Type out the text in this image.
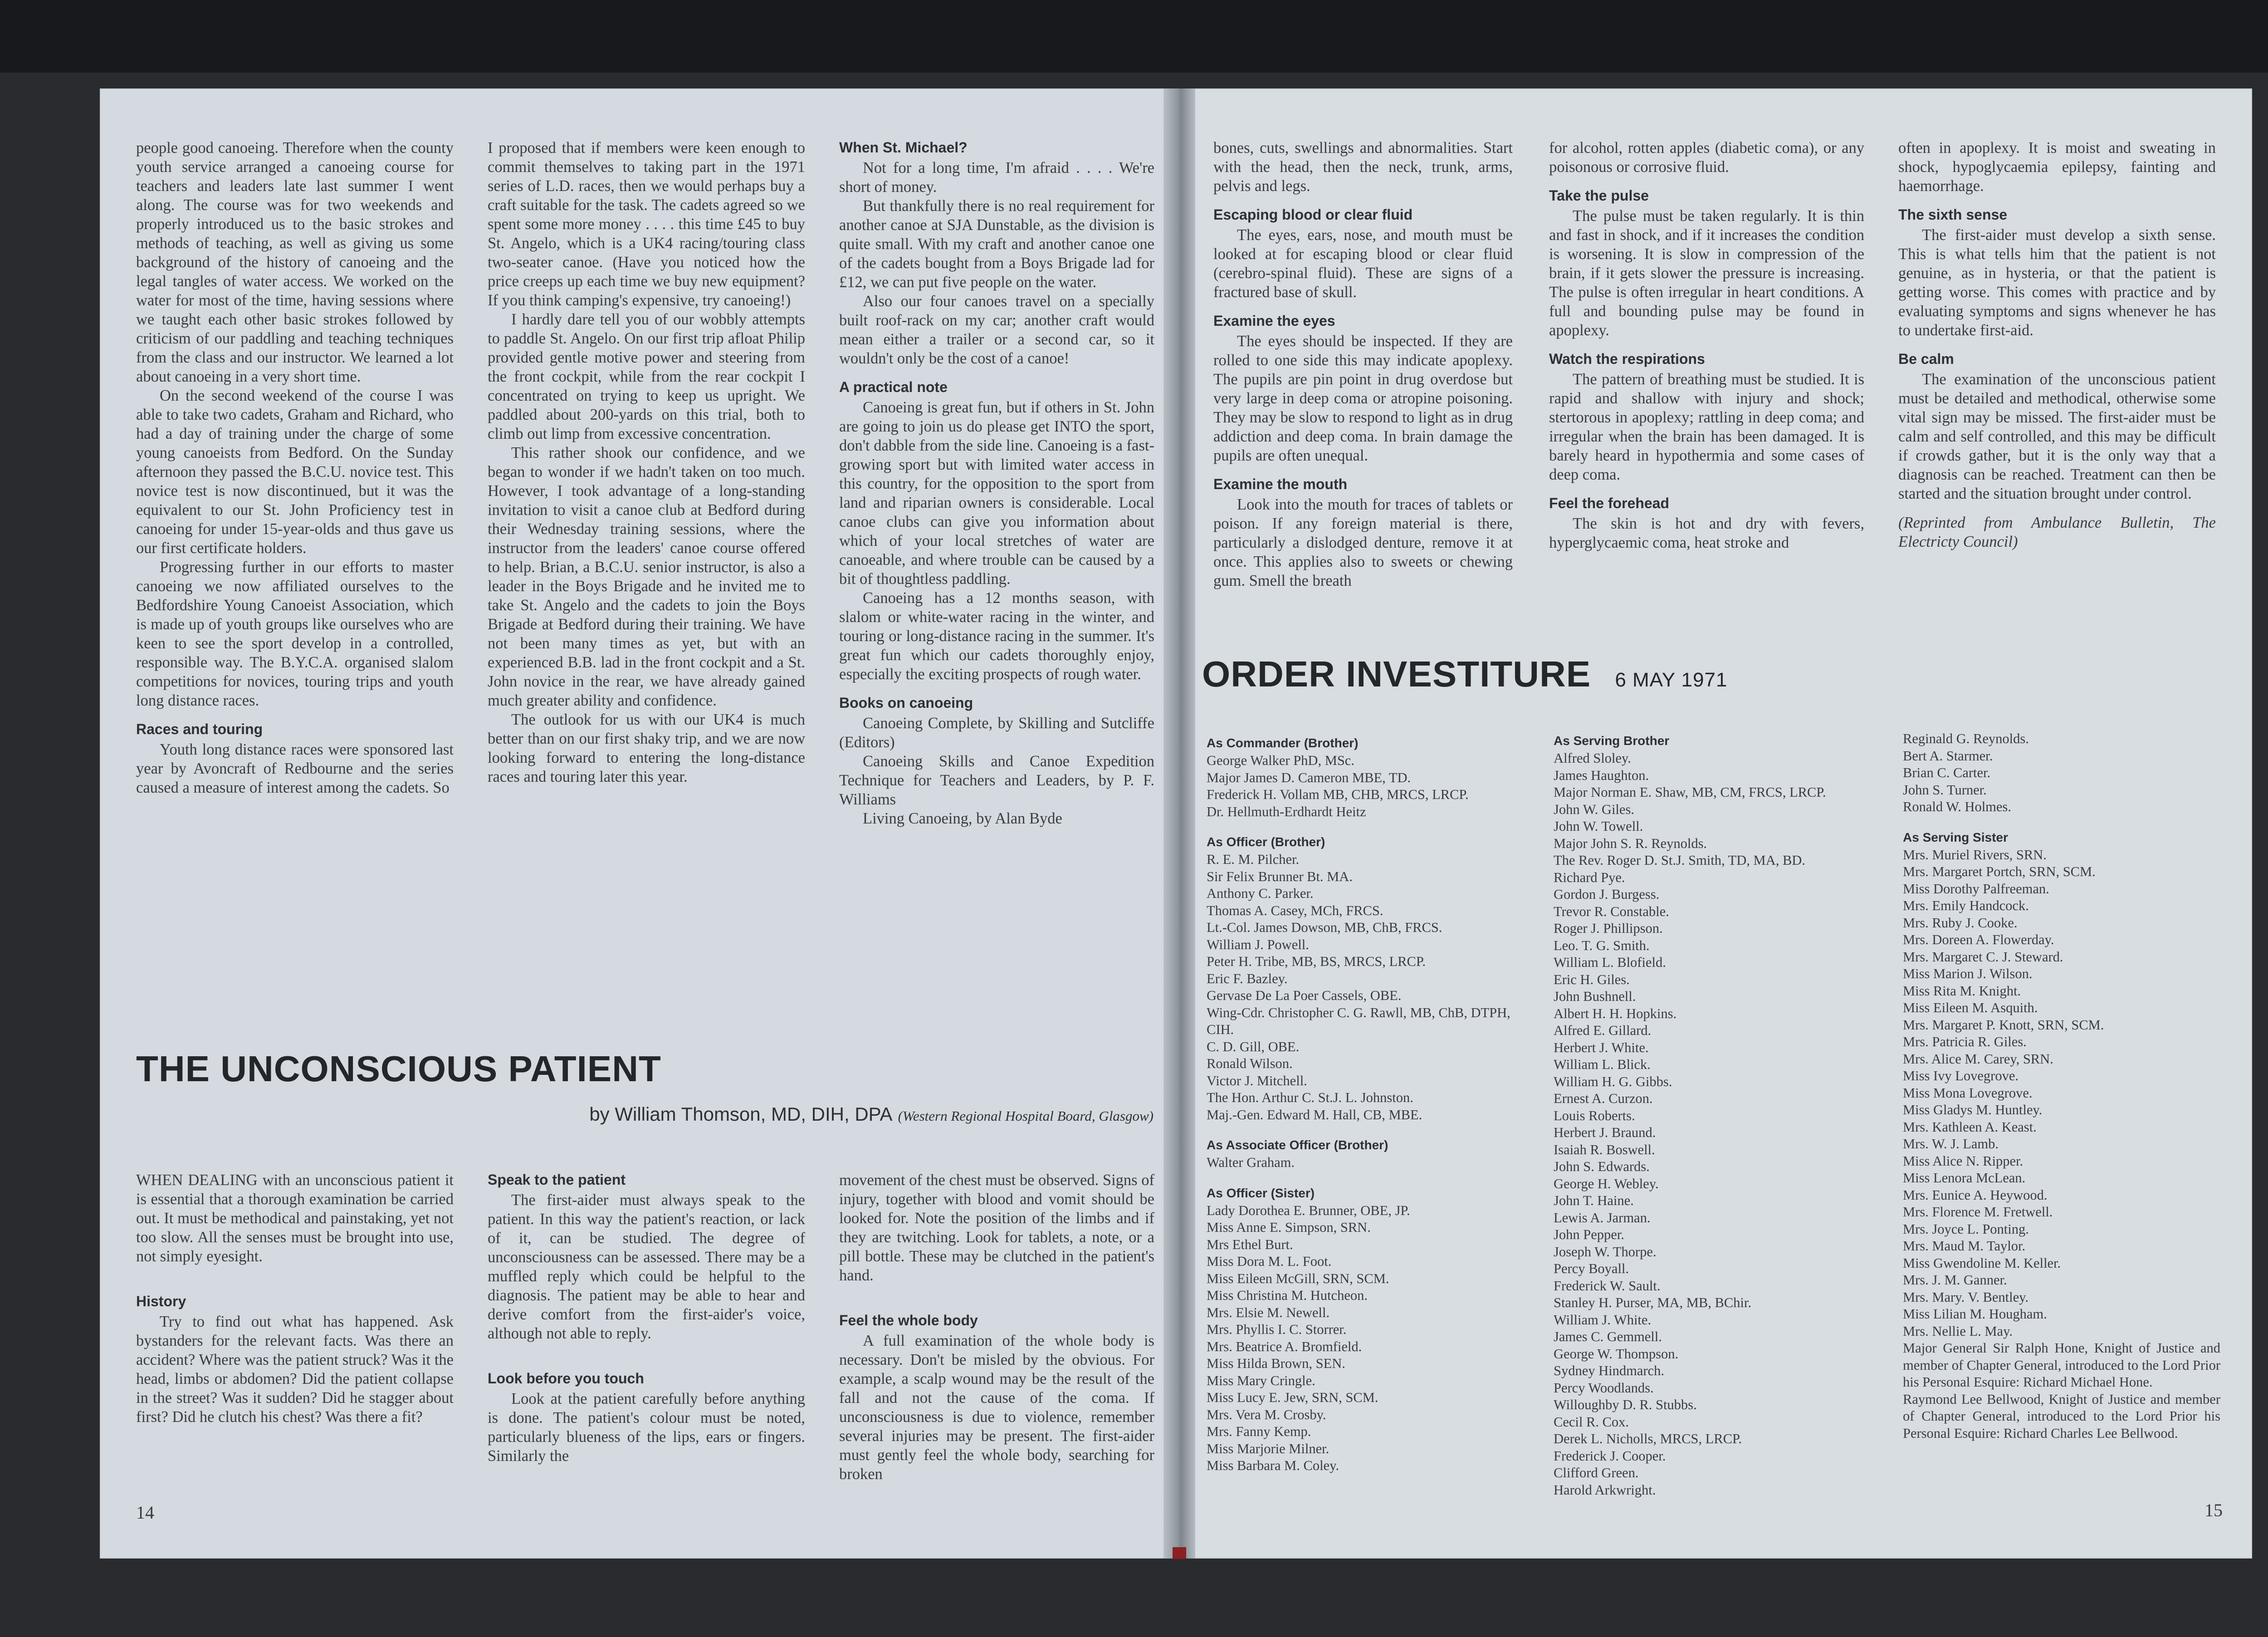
people good canoeing. Therefore when the county youth service arranged a canoeing course for teachers and leaders late last summer I went along. The course was for two weekends and properly introduced us to the basic strokes and methods of teaching, as well as giving us some background of the history of canoeing and the legal tangles of water access. We worked on the water for most of the time, having sessions where we taught each other basic strokes followed by criticism of our paddling and teaching techniques from the class and our instructor. We learned a lot about canoeing in a very short time.

On the second weekend of the course I was able to take two cadets, Graham and Richard, who had a day of training under the charge of some young canoeists from Bedford. On the Sunday afternoon they passed the B.C.U. novice test. This novice test is now discontinued, but it was the equivalent to our St. John Proficiency test in canoeing for under 15-year-olds and thus gave us our first certificate holders.

Progressing further in our efforts to master canoeing we now affiliated ourselves to the Bedfordshire Young Canoeist Association, which is made up of youth groups like ourselves who are keen to see the sport develop in a controlled, responsible way. The B.Y.C.A. organised slalom competitions for novices, touring trips and youth long distance races.

Races and touring

Youth long distance races were sponsored last year by Avoncraft of Redbourne and the series caused a measure of interest among the cadets. So

I proposed that if members were keen enough to commit themselves to taking part in the 1971 series of L.D. races, then we would perhaps buy a craft suitable for the task. The cadets agreed so we spent some more money . . . . this time £45 to buy St. Angelo, which is a UK4 racing/touring class two-seater canoe. (Have you noticed how the price creeps up each time we buy new equipment? If you think camping's expensive, try canoeing!)

I hardly dare tell you of our wobbly attempts to paddle St. Angelo. On our first trip afloat Philip provided gentle motive power and steering from the front cockpit, while from the rear cockpit I concentrated on trying to keep us upright. We paddled about 200-yards on this trial, both to climb out limp from excessive concentration.

This rather shook our confidence, and we began to wonder if we hadn't taken on too much. However, I took advantage of a long-standing invitation to visit a canoe club at Bedford during their Wednesday training sessions, where the instructor from the leaders' canoe course offered to help. Brian, a B.C.U. senior instructor, is also a leader in the Boys Brigade and he invited me to take St. Angelo and the cadets to join the Boys Brigade at Bedford during their training. We have not been many times as yet, but with an experienced B.B. lad in the front cockpit and a St. John novice in the rear, we have already gained much greater ability and confidence.

The outlook for us with our UK4 is much better than on our first shaky trip, and we are now looking forward to entering the long-distance races and touring later this year.

When St. Michael?

Not for a long time, I'm afraid . . . . We're short of money.

But thankfully there is no real requirement for another canoe at SJA Dunstable, as the division is quite small. With my craft and another canoe one of the cadets bought from a Boys Brigade lad for £12, we can put five people on the water.

Also our four canoes travel on a specially built roof-rack on my car; another craft would mean either a trailer or a second car, so it wouldn't only be the cost of a canoe!

A practical note

Canoeing is great fun, but if others in St. John are going to join us do please get INTO the sport, don't dabble from the side line. Canoeing is a fast-growing sport but with limited water access in this country, for the opposition to the sport from land and riparian owners is considerable. Local canoe clubs can give you information about which of your local stretches of water are canoeable, and where trouble can be caused by a bit of thoughtless paddling.

Canoeing has a 12 months season, with slalom or white-water racing in the winter, and touring or long-distance racing in the summer. It's great fun which our cadets thoroughly enjoy, especially the exciting prospects of rough water.

Books on canoeing

Canoeing Complete, by Skilling and Sutcliffe (Editors)

Canoeing Skills and Canoe Expedition Technique for Teachers and Leaders, by P. F. Williams

Living Canoeing, by Alan Byde

THE UNCONSCIOUS PATIENT
by William Thomson, MD, DIH, DPA (Western Regional Hospital Board, Glasgow)

WHEN DEALING with an unconscious patient it is essential that a thorough examination be carried out. It must be methodical and painstaking, yet not too slow. All the senses must be brought into use, not simply eyesight.

History

Try to find out what has happened. Ask bystanders for the relevant facts. Was there an accident? Where was the patient struck? Was it the head, limbs or abdomen? Did the patient collapse in the street? Was it sudden? Did he stagger about first? Did he clutch his chest? Was there a fit?

Speak to the patient

The first-aider must always speak to the patient. In this way the patient's reaction, or lack of it, can be studied. The degree of unconsciousness can be assessed. There may be a muffled reply which could be helpful to the diagnosis. The patient may be able to hear and derive comfort from the first-aider's voice, although not able to reply.

Look before you touch

Look at the patient carefully before anything is done. The patient's colour must be noted, particularly blueness of the lips, ears or fingers. Similarly the

movement of the chest must be observed. Signs of injury, together with blood and vomit should be looked for. Note the position of the limbs and if they are twitching. Look for tablets, a note, or a pill bottle. These may be clutched in the patient's hand.

Feel the whole body

A full examination of the whole body is necessary. Don't be misled by the obvious. For example, a scalp wound may be the result of the fall and not the cause of the coma. If unconsciousness is due to violence, remember several injuries may be present. The first-aider must gently feel the whole body, searching for broken

14

bones, cuts, swellings and abnormalities. Start with the head, then the neck, trunk, arms, pelvis and legs.

Escaping blood or clear fluid

The eyes, ears, nose, and mouth must be looked at for escaping blood or clear fluid (cerebro-spinal fluid). These are signs of a fractured base of skull.

Examine the eyes

The eyes should be inspected. If they are rolled to one side this may indicate apoplexy. The pupils are pin point in drug overdose but very large in deep coma or atropine poisoning. They may be slow to respond to light as in drug addiction and deep coma. In brain damage the pupils are often unequal.

Examine the mouth

Look into the mouth for traces of tablets or poison. If any foreign material is there, particularly a dislodged denture, remove it at once. This applies also to sweets or chewing gum. Smell the breath

for alcohol, rotten apples (diabetic coma), or any poisonous or corrosive fluid.

Take the pulse

The pulse must be taken regularly. It is thin and fast in shock, and if it increases the condition is worsening. It is slow in compression of the brain, if it gets slower the pressure is increasing. The pulse is often irregular in heart conditions. A full and bounding pulse may be found in apoplexy.

Watch the respirations

The pattern of breathing must be studied. It is rapid and shallow with injury and shock; stertorous in apoplexy; rattling in deep coma; and irregular when the brain has been damaged. It is barely heard in hypothermia and some cases of deep coma.

Feel the forehead

The skin is hot and dry with fevers, hyperglycaemic coma, heat stroke and

often in apoplexy. It is moist and sweating in shock, hypoglycaemia epilepsy, fainting and haemorrhage.

The sixth sense

The first-aider must develop a sixth sense. This is what tells him that the patient is not genuine, as in hysteria, or that the patient is getting worse. This comes with practice and by evaluating symptoms and signs whenever he has to undertake first-aid.

Be calm

The examination of the unconscious patient must be detailed and methodical, otherwise some vital sign may be missed. The first-aider must be calm and self controlled, and this may be difficult if crowds gather, but it is the only way that a diagnosis can be reached. Treatment can then be started and the situation brought under control.

(Reprinted from Ambulance Bulletin, The Electricty Council)

ORDER INVESTITURE 6 MAY 1971
As Commander (Brother)
George Walker PhD, MSc.
Major James D. Cameron MBE, TD.
Frederick H. Vollam MB, CHB, MRCS, LRCP.
Dr. Hellmuth-Erdhardt Heitz
As Officer (Brother)
R. E. M. Pilcher.
Sir Felix Brunner Bt. MA.
Anthony C. Parker.
Thomas A. Casey, MCh, FRCS.
Lt.-Col. James Dowson, MB, ChB, FRCS.
William J. Powell.
Peter H. Tribe, MB, BS, MRCS, LRCP.
Eric F. Bazley.
Gervase De La Poer Cassels, OBE.
Wing-Cdr. Christopher C. G. Rawll, MB, ChB, DTPH, CIH.
C. D. Gill, OBE.
Ronald Wilson.
Victor J. Mitchell.
The Hon. Arthur C. St.J. L. Johnston.
Maj.-Gen. Edward M. Hall, CB, MBE.
As Associate Officer (Brother)
Walter Graham.
As Officer (Sister)
Lady Dorothea E. Brunner, OBE, JP.
Miss Anne E. Simpson, SRN.
Mrs Ethel Burt.
Miss Dora M. L. Foot.
Miss Eileen McGill, SRN, SCM.
Miss Christina M. Hutcheon.
Mrs. Elsie M. Newell.
Mrs. Phyllis I. C. Storrer.
Mrs. Beatrice A. Bromfield.
Miss Hilda Brown, SEN.
Miss Mary Cringle.
Miss Lucy E. Jew, SRN, SCM.
Mrs. Vera M. Crosby.
Mrs. Fanny Kemp.
Miss Marjorie Milner.
Miss Barbara M. Coley.
As Serving Brother
Alfred Sloley.
James Haughton.
Major Norman E. Shaw, MB, CM, FRCS, LRCP.
John W. Giles.
John W. Towell.
Major John S. R. Reynolds.
The Rev. Roger D. St.J. Smith, TD, MA, BD.
Richard Pye.
Gordon J. Burgess.
Trevor R. Constable.
Roger J. Phillipson.
Leo. T. G. Smith.
William L. Blofield.
Eric H. Giles.
John Bushnell.
Albert H. H. Hopkins.
Alfred E. Gillard.
Herbert J. White.
William L. Blick.
William H. G. Gibbs.
Ernest A. Curzon.
Louis Roberts.
Herbert J. Braund.
Isaiah R. Boswell.
John S. Edwards.
George H. Webley.
John T. Haine.
Lewis A. Jarman.
John Pepper.
Joseph W. Thorpe.
Percy Boyall.
Frederick W. Sault.
Stanley H. Purser, MA, MB, BChir.
William J. White.
James C. Gemmell.
George W. Thompson.
Sydney Hindmarch.
Percy Woodlands.
Willoughby D. R. Stubbs.
Cecil R. Cox.
Derek L. Nicholls, MRCS, LRCP.
Frederick J. Cooper.
Clifford Green.
Harold Arkwright.
Reginald G. Reynolds.
Bert A. Starmer.
Brian C. Carter.
John S. Turner.
Ronald W. Holmes.
As Serving Sister
Mrs. Muriel Rivers, SRN.
Mrs. Margaret Portch, SRN, SCM.
Miss Dorothy Palfreeman.
Mrs. Emily Handcock.
Mrs. Ruby J. Cooke.
Mrs. Doreen A. Flowerday.
Mrs. Margaret C. J. Steward.
Miss Marion J. Wilson.
Miss Rita M. Knight.
Miss Eileen M. Asquith.
Mrs. Margaret P. Knott, SRN, SCM.
Mrs. Patricia R. Giles.
Mrs. Alice M. Carey, SRN.
Miss Ivy Lovegrove.
Miss Mona Lovegrove.
Miss Gladys M. Huntley.
Mrs. Kathleen A. Keast.
Mrs. W. J. Lamb.
Miss Alice N. Ripper.
Miss Lenora McLean.
Mrs. Eunice A. Heywood.
Mrs. Florence M. Fretwell.
Mrs. Joyce L. Ponting.
Mrs. Maud M. Taylor.
Miss Gwendoline M. Keller.
Mrs. J. M. Ganner.
Mrs. Mary. V. Bentley.
Miss Lilian M. Hougham.
Mrs. Nellie L. May.
Major General Sir Ralph Hone, Knight of Justice and member of Chapter General, introduced to the Lord Prior his Personal Esquire: Richard Michael Hone.
Raymond Lee Bellwood, Knight of Justice and member of Chapter General, introduced to the Lord Prior his Personal Esquire: Richard Charles Lee Bellwood.
15
